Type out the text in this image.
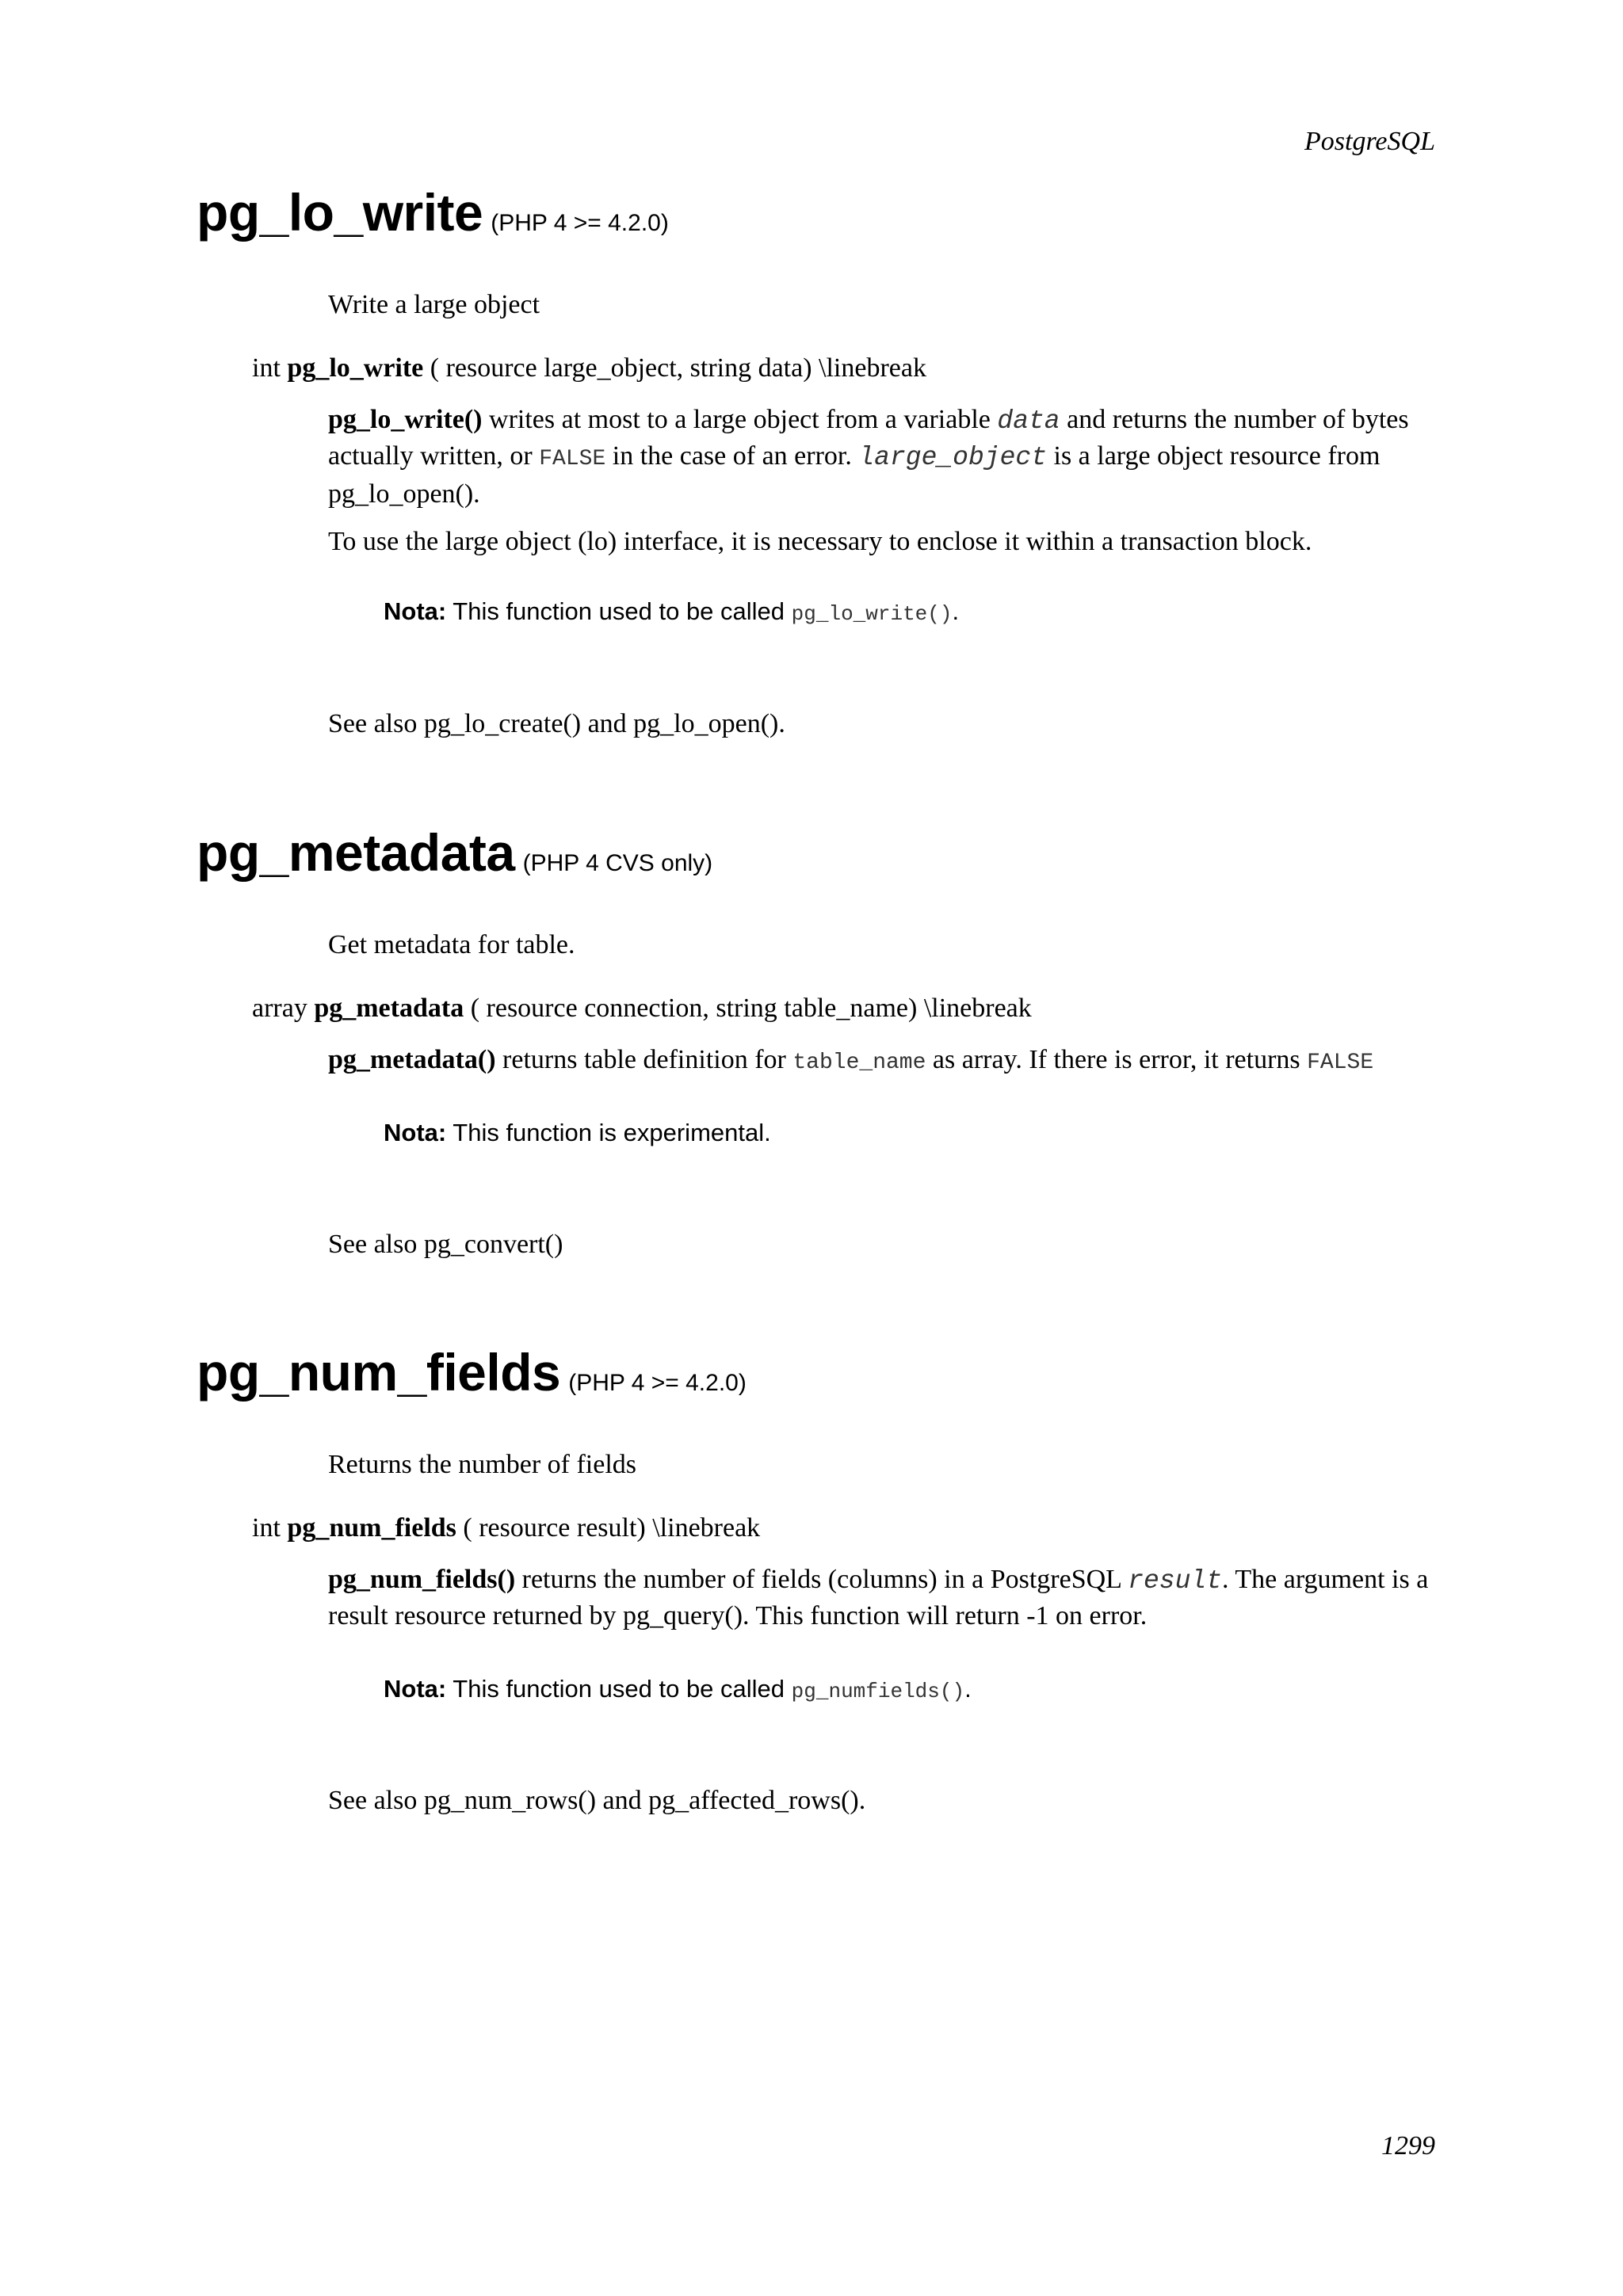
PostgreSQL
pg_lo_write (PHP 4 >= 4.2.0)
Write a large object
int pg_lo_write ( resource large_object, string data) \linebreak

pg_lo_write() writes at most to a large object from a variable data and returns the number of bytes actually written, or FALSE in the case of an error. large_object is a large object resource from pg_lo_open().

To use the large object (lo) interface, it is necessary to enclose it within a transaction block.

Nota: This function used to be called pg_lo_write().
See also pg_lo_create() and pg_lo_open().
pg_metadata (PHP 4 CVS only)
Get metadata for table.
array pg_metadata ( resource connection, string table_name) \linebreak

pg_metadata() returns table definition for table_name as array. If there is error, it returns FALSE

Nota: This function is experimental.
See also pg_convert()
pg_num_fields (PHP 4 >= 4.2.0)
Returns the number of fields
int pg_num_fields ( resource result) \linebreak

pg_num_fields() returns the number of fields (columns) in a PostgreSQL result. The argument is a result resource returned by pg_query(). This function will return -1 on error.

Nota: This function used to be called pg_numfields().
See also pg_num_rows() and pg_affected_rows().
1299
